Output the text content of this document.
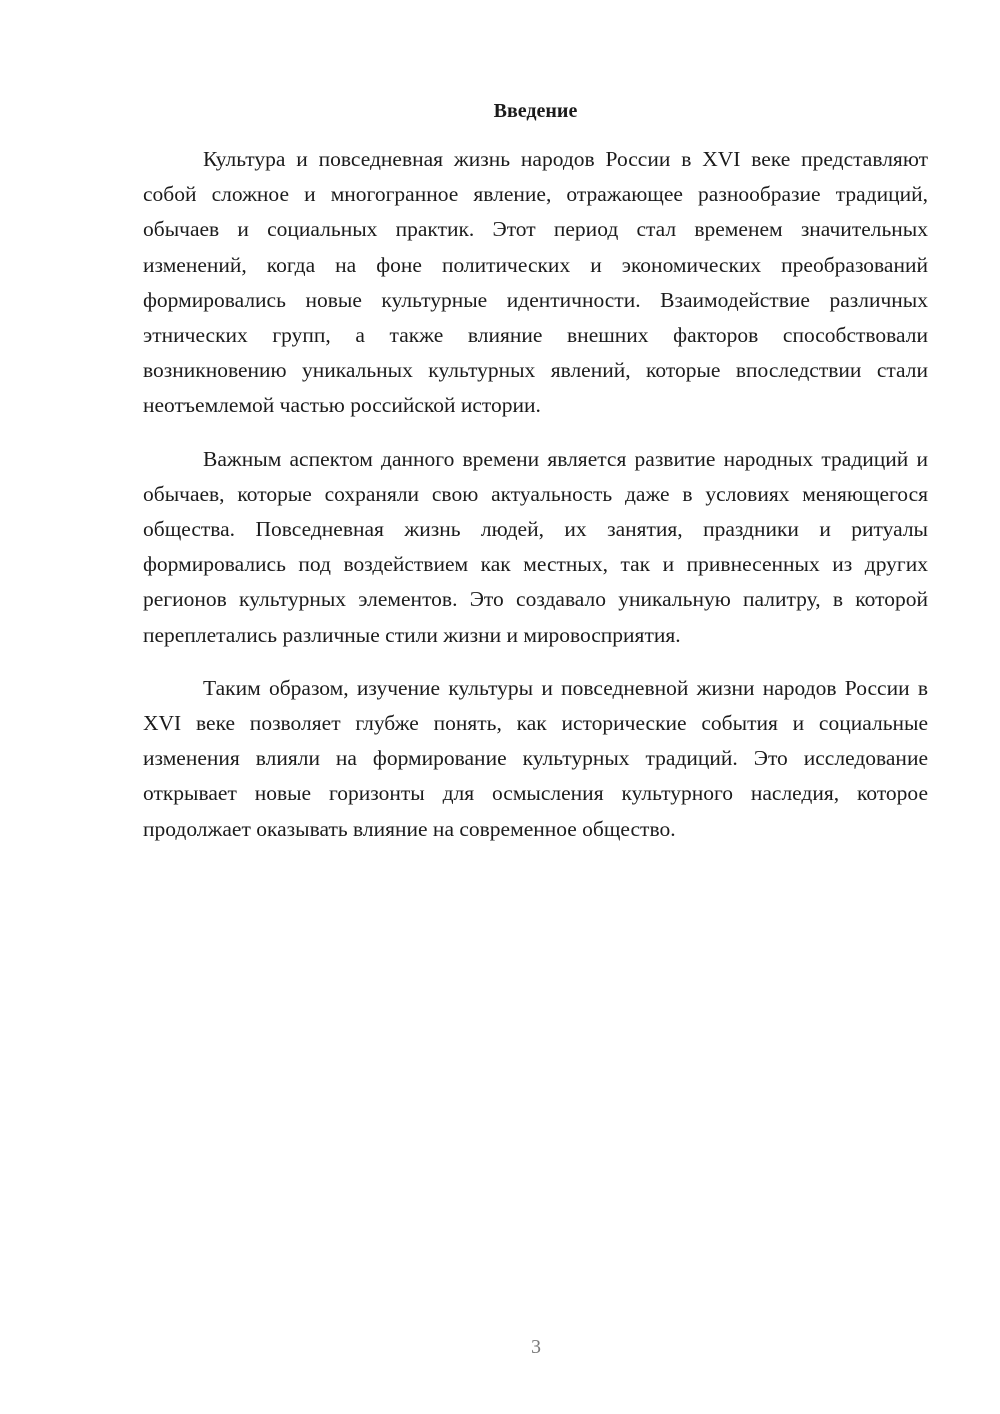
Введение

Культура и повседневная жизнь народов России в XVI веке представляют собой сложное и многогранное явление, отражающее разнообразие традиций, обычаев и социальных практик. Этот период стал временем значительных изменений, когда на фоне политических и экономических преобразований формировались новые культурные идентичности. Взаимодействие различных этнических групп, а также влияние внешних факторов способствовали возникновению уникальных культурных явлений, которые впоследствии стали неотъемлемой частью российской истории.

Важным аспектом данного времени является развитие народных традиций и обычаев, которые сохраняли свою актуальность даже в условиях меняющегося общества. Повседневная жизнь людей, их занятия, праздники и ритуалы формировались под воздействием как местных, так и привнесенных из других регионов культурных элементов. Это создавало уникальную палитру, в которой переплетались различные стили жизни и мировосприятия.

Таким образом, изучение культуры и повседневной жизни народов России в XVI веке позволяет глубже понять, как исторические события и социальные изменения влияли на формирование культурных традиций. Это исследование открывает новые горизонты для осмысления культурного наследия, которое продолжает оказывать влияние на современное общество.

3
